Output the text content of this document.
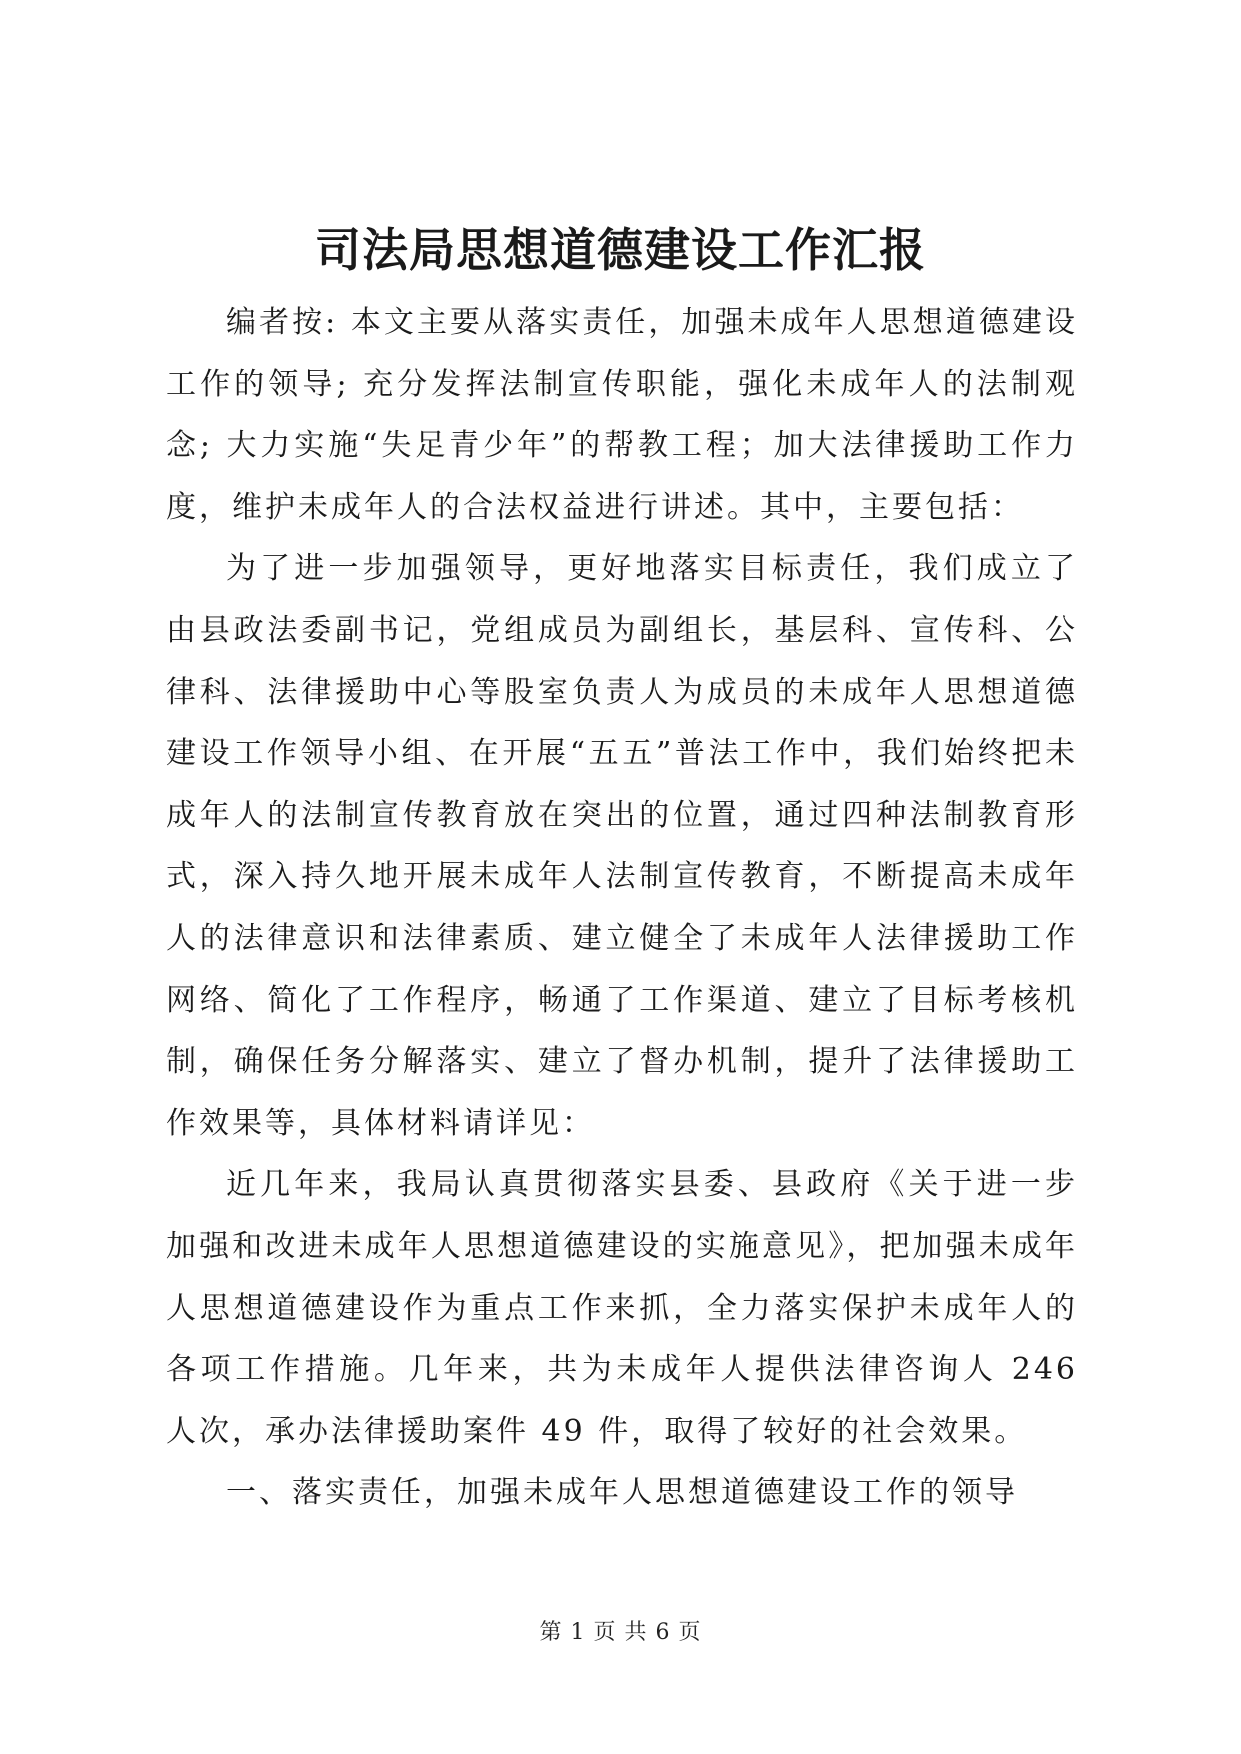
司法局思想道德建设工作汇报

编者按: 本文主要从落实责任，加强未成年人思想道德建设工作的领导; 充分发挥法制宣传职能，强化未成年人的法制观念; 大力实施“失足青少年”的帮教工程；加大法律援助工作力度，维护未成年人的合法权益进行讲述。其中，主要包括：

为了进一步加强领导，更好地落实目标责任，我们成立了由县政法委副书记，党组成员为副组长，基层科、宣传科、公律科、法律援助中心等股室负责人为成员的未成年人思想道德建设工作领导小组、在开展“五五”普法工作中，我们始终把未成年人的法制宣传教育放在突出的位置，通过四种法制教育形式，深入持久地开展未成年人法制宣传教育，不断提高未成年人的法律意识和法律素质、建立健全了未成年人法律援助工作网络、简化了工作程序，畅通了工作渠道、建立了目标考核机制，确保任务分解落实、建立了督办机制，提升了法律援助工作效果等，具体材料请详见：

近几年来，我局认真贯彻落实县委、县政府《关于进一步加强和改进未成年人思想道德建设的实施意见》，把加强未成年人思想道德建设作为重点工作来抓，全力落实保护未成年人的各项工作措施。几年来，共为未成年人提供法律咨询人 246 人次，承办法律援助案件 49 件，取得了较好的社会效果。

一、落实责任，加强未成年人思想道德建设工作的领导

第 1 页 共 6 页
